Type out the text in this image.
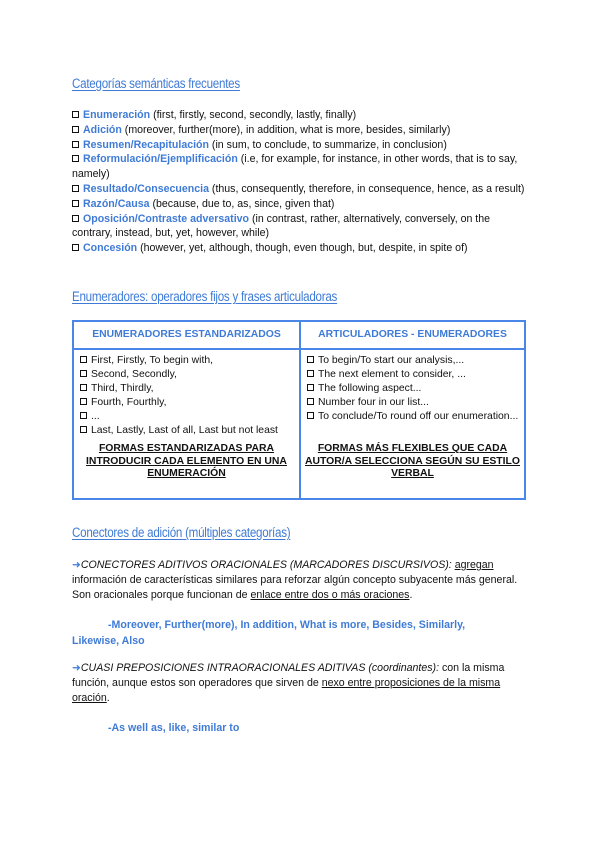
Categorías semánticas frecuentes

Enumeración (first, firstly, second, secondly, lastly, finally)

Adición (moreover, further(more), in addition, what is more, besides, similarly)

Resumen/Recapitulación (in sum, to conclude, to summarize, in conclusion)

Reformulación/Ejemplificación (i.e, for example, for instance, in other words, that is to say, namely)

Resultado/Consecuencia (thus, consequently, therefore, in consequence, hence, as a result)

Razón/Causa (because, due to, as, since, given that)

Oposición/Contraste adversativo (in contrast, rather, alternatively, conversely, on the contrary, instead, but, yet, however, while)

Concesión (however, yet, although, though, even though, but, despite, in spite of)

Enumeradores: operadores fijos y frases articuladoras
ENUMERADORES ESTANDARIZADOS
First, Firstly, To begin with,
Second, Secondly,
Third, Thirdly,
Fourth, Fourthly,
...
Last, Lastly, Last of all, Last but not least
FORMAS ESTANDARIZADAS PARA INTRODUCIR CADA ELEMENTO EN UNA ENUMERACIÓN
ARTICULADORES - ENUMERADORES
To begin/To start our analysis,...
The next element to consider, ...
The following aspect...
Number four in our list...
To conclude/To round off our enumeration...
FORMAS MÁS FLEXIBLES QUE CADA AUTOR/A SELECCIONA SEGÚN SU ESTILO VERBAL
Conectores de adición (múltiples categorías)
➜CONECTORES ADITIVOS ORACIONALES (MARCADORES DISCURSIVOS): agregan información de características similares para reforzar algún concepto subyacente más general. Son oracionales porque funcionan de enlace entre dos o más oraciones.
-Moreover, Further(more), In addition, What is more, Besides, Similarly, Likewise, Also
➜CUASI PREPOSICIONES INTRAORACIONALES ADITIVAS (coordinantes): con la misma función, aunque estos son operadores que sirven de nexo entre proposiciones de la misma oración.
-As well as, like, similar to
